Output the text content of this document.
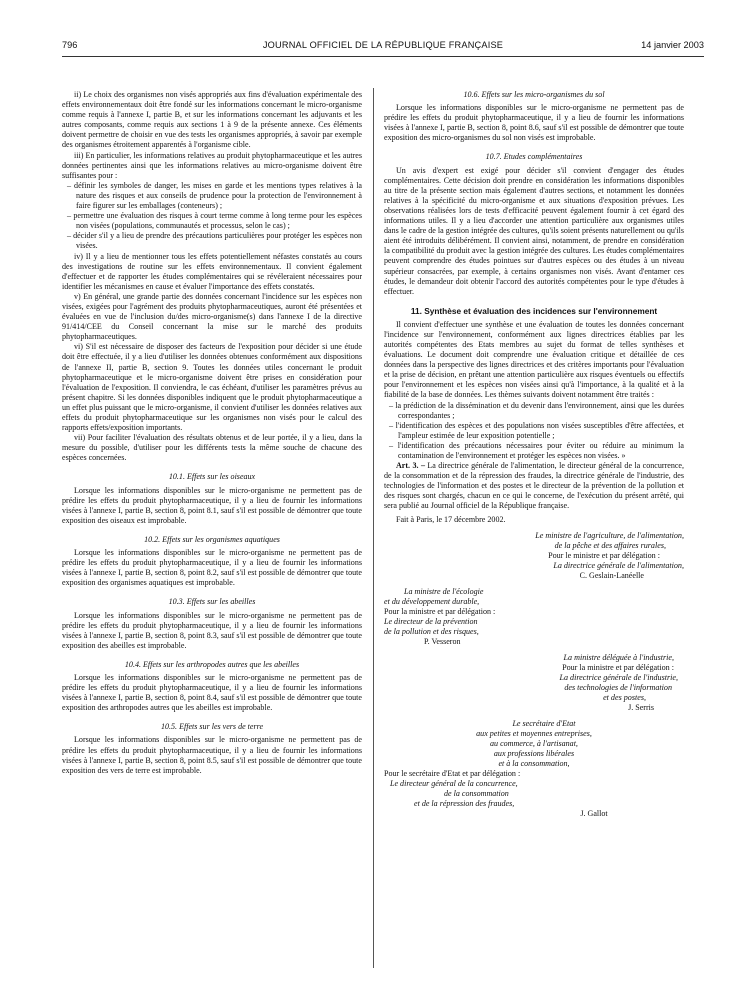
796	JOURNAL OFFICIEL DE LA RÉPUBLIQUE FRANÇAISE	14 janvier 2003

ii) Le choix des organismes non visés appropriés aux fins d'évaluation expérimentale des effets environnementaux doit être fondé sur les informations concernant le micro-organisme comme requis à l'annexe I, partie B, et sur les informations concernant les adjuvants et les autres composants, comme requis aux sections 1 à 9 de la présente annexe. Ces éléments doivent permettre de choisir en vue des tests les organismes appropriés, à savoir par exemple des organismes étroitement apparentés à l'organisme cible.

iii) En particulier, les informations relatives au produit phytopharmaceutique et les autres données pertinentes ainsi que les informations relatives au micro-organisme doivent être suffisantes pour :

– définir les symboles de danger, les mises en garde et les mentions types relatives à la nature des risques et aux conseils de prudence pour la protection de l'environnement à faire figurer sur les emballages (conteneurs) ;
– permettre une évaluation des risques à court terme comme à long terme pour les espèces non visées (populations, communautés et processus, selon le cas) ;
– décider s'il y a lieu de prendre des précautions particulières pour protéger les espèces non visées.

iv) Il y a lieu de mentionner tous les effets potentiellement néfastes constatés au cours des investigations de routine sur les effets environnementaux. Il convient également d'effectuer et de rapporter les études complémentaires qui se révéleraient nécessaires pour identifier les mécanismes en cause et évaluer l'importance des effets constatés.

v) En général, une grande partie des données concernant l'incidence sur les espèces non visées, exigées pour l'agrément des produits phytopharmaceutiques, auront été présentées et évaluées en vue de l'inclusion du/des micro-organisme(s) dans l'annexe I de la directive 91/414/CEE du Conseil concernant la mise sur le marché des produits phytopharmaceutiques.

vi) S'il est nécessaire de disposer des facteurs de l'exposition pour décider si une étude doit être effectuée, il y a lieu d'utiliser les données obtenues conformément aux dispositions de l'annexe II, partie B, section 9. Toutes les données utiles concernant le produit phytopharmaceutique et le micro-organisme doivent être prises en considération pour l'évaluation de l'exposition. Il conviendra, le cas échéant, d'utiliser les paramètres prévus au présent chapitre. Si les données disponibles indiquent que le produit phytopharmaceutique a un effet plus puissant que le micro-organisme, il convient d'utiliser les données relatives aux effets du produit phytopharmaceutique sur les organismes non visés pour le calcul des rapports effets/exposition importants.

vii) Pour faciliter l'évaluation des résultats obtenus et de leur portée, il y a lieu, dans la mesure du possible, d'utiliser pour les différents tests la même souche de chacune des espèces concernées.

10.1. Effets sur les oiseaux

Lorsque les informations disponibles sur le micro-organisme ne permettent pas de prédire les effets du produit phytopharmaceutique, il y a lieu de fournir les informations visées à l'annexe I, partie B, section 8, point 8.1, sauf s'il est possible de démontrer que toute exposition des oiseaux est improbable.

10.2. Effets sur les organismes aquatiques

Lorsque les informations disponibles sur le micro-organisme ne permettent pas de prédire les effets du produit phytopharmaceutique, il y a lieu de fournir les informations visées à l'annexe I, partie B, section 8, point 8.2, sauf s'il est possible de démontrer que toute exposition des organismes aquatiques est improbable.

10.3. Effets sur les abeilles

Lorsque les informations disponibles sur le micro-organisme ne permettent pas de prédire les effets du produit phytopharmaceutique, il y a lieu de fournir les informations visées à l'annexe I, partie B, section 8, point 8.3, sauf s'il est possible de démontrer que toute exposition des abeilles est improbable.

10.4. Effets sur les arthropodes autres que les abeilles

Lorsque les informations disponibles sur le micro-organisme ne permettent pas de prédire les effets du produit phytopharmaceutique, il y a lieu de fournir les informations visées à l'annexe I, partie B, section 8, point 8.4, sauf s'il est possible de démontrer que toute exposition des arthropodes autres que les abeilles est improbable.

10.5. Effets sur les vers de terre

Lorsque les informations disponibles sur le micro-organisme ne permettent pas de prédire les effets du produit phytopharmaceutique, il y a lieu de fournir les informations visées à l'annexe I, partie B, section 8, point 8.5, sauf s'il est possible de démontrer que toute exposition des vers de terre est improbable.

10.6. Effets sur les micro-organismes du sol

Lorsque les informations disponibles sur le micro-organisme ne permettent pas de prédire les effets du produit phytopharmaceutique, il y a lieu de fournir les informations visées à l'annexe I, partie B, section 8, point 8.6, sauf s'il est possible de démontrer que toute exposition des micro-organismes du sol non visés est improbable.

10.7. Etudes complémentaires

Un avis d'expert est exigé pour décider s'il convient d'engager des études complémentaires. Cette décision doit prendre en considération les informations disponibles au titre de la présente section mais également d'autres sections, et notamment les données relatives à la spécificité du micro-organisme et aux situations d'exposition prévues. Les observations réalisées lors de tests d'efficacité peuvent également fournir à cet égard des informations utiles. Il y a lieu d'accorder une attention particulière aux organismes utiles dans le cadre de la gestion intégrée des cultures, qu'ils soient présents naturellement ou qu'ils aient été introduits délibérément. Il convient ainsi, notamment, de prendre en considération la compatibilité du produit avec la gestion intégrée des cultures. Les études complémentaires peuvent comprendre des études pointues sur d'autres espèces ou des études à un niveau supérieur consacrées, par exemple, à certains organismes non visés. Avant d'entamer ces études, le demandeur doit obtenir l'accord des autorités compétentes pour le type d'études à effectuer.

11. Synthèse et évaluation des incidences sur l'environnement

Il convient d'effectuer une synthèse et une évaluation de toutes les données concernant l'incidence sur l'environnement, conformément aux lignes directrices établies par les autorités compétentes des Etats membres au sujet du format de telles synthèses et évaluations. Le document doit comprendre une évaluation critique et détaillée de ces données dans la perspective des lignes directrices et des critères importants pour l'évaluation et la prise de décision, en prêtant une attention particulière aux risques éventuels ou effectifs pour l'environnement et les espèces non visées ainsi qu'à l'importance, à la qualité et à la fiabilité de la base de données. Les thèmes suivants doivent notamment être traités :

– la prédiction de la dissémination et du devenir dans l'environnement, ainsi que les durées correspondantes ;
– l'identification des espèces et des populations non visées susceptibles d'être affectées, et l'ampleur estimée de leur exposition potentielle ;
– l'identification des précautions nécessaires pour éviter ou réduire au minimum la contamination de l'environnement et protéger les espèces non visées. »

Art. 3. – La directrice générale de l'alimentation, le directeur général de la concurrence, de la consommation et de la répression des fraudes, la directrice générale de l'industrie, des technologies de l'information et des postes et le directeur de la prévention de la pollution et des risques sont chargés, chacun en ce qui le concerne, de l'exécution du présent arrêté, qui sera publié au Journal officiel de la République française.

Fait à Paris, le 17 décembre 2002.

Le ministre de l'agriculture, de l'alimentation,
de la pêche et des affaires rurales,
Pour le ministre et par délégation :
La directrice générale de l'alimentation,
C. Geslain-Lanéelle
La ministre de l'écologie
et du développement durable,
Pour la ministre et par délégation :
Le directeur de la prévention
de la pollution et des risques,
P. Vesseron
La ministre déléguée à l'industrie,
Pour la ministre et par délégation :
La directrice générale de l'industrie,
des technologies de l'information
et des postes,
J. Serris
Le secrétaire d'Etat
aux petites et moyennes entreprises,
au commerce, à l'artisanat,
aux professions libérales
et à la consommation,
Pour le secrétaire d'Etat et par délégation :
Le directeur général de la concurrence,
de la consommation
et de la répression des fraudes,
J. Gallot
